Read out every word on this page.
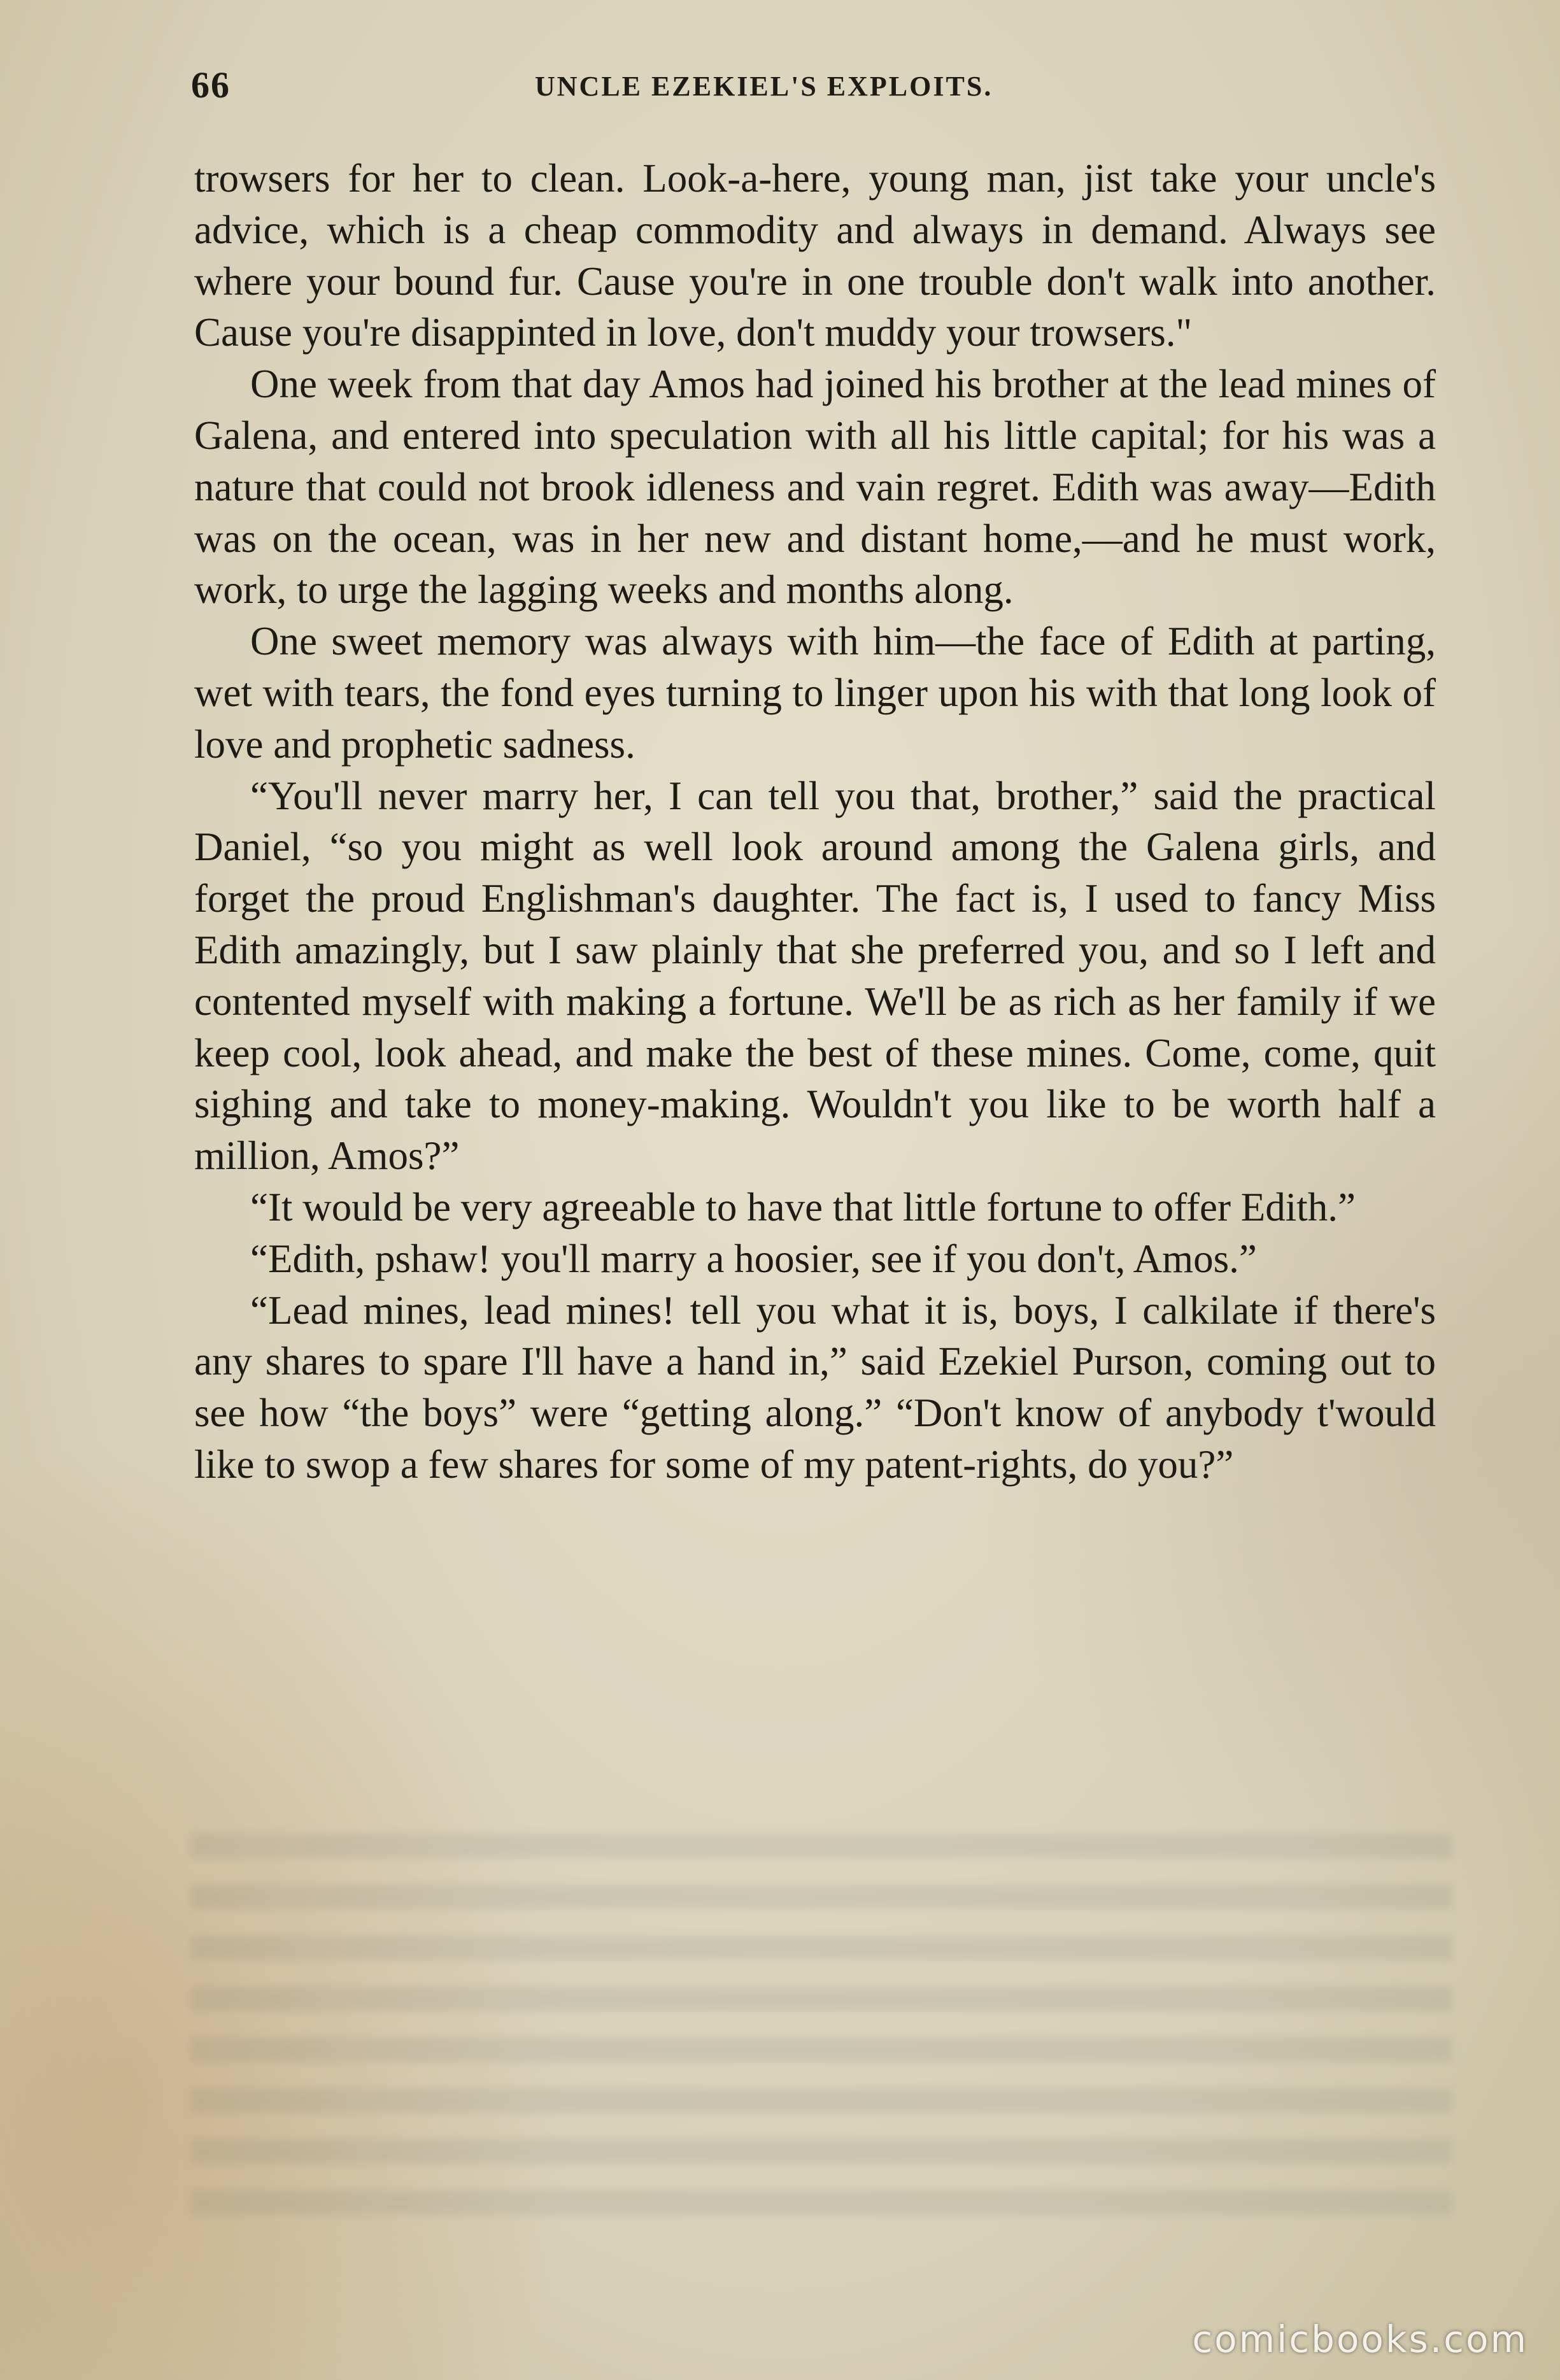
66	UNCLE EZEKIEL'S EXPLOITS.

trowsers for her to clean. Look-a-here, young man, jist take your uncle's advice, which is a cheap commodity and always in demand. Always see where your bound fur. Cause you're in one trouble don't walk into another. Cause you're disappinted in love, don't muddy your trowsers."

One week from that day Amos had joined his brother at the lead mines of Galena, and entered into speculation with all his little capital; for his was a nature that could not brook idleness and vain regret. Edith was away—Edith was on the ocean, was in her new and distant home,—and he must work, work, to urge the lagging weeks and months along.

One sweet memory was always with him—the face of Edith at parting, wet with tears, the fond eyes turning to linger upon his with that long look of love and prophetic sadness.

“You'll never marry her, I can tell you that, brother,” said the practical Daniel, “so you might as well look around among the Galena girls, and forget the proud Englishman's daughter. The fact is, I used to fancy Miss Edith amazingly, but I saw plainly that she preferred you, and so I left and contented myself with making a fortune. We'll be as rich as her family if we keep cool, look ahead, and make the best of these mines. Come, come, quit sighing and take to money-making. Wouldn't you like to be worth half a million, Amos?”

“It would be very agreeable to have that little fortune to offer Edith.”

“Edith, pshaw! you'll marry a hoosier, see if you don't, Amos.”

“Lead mines, lead mines! tell you what it is, boys, I calkilate if there's any shares to spare I'll have a hand in,” said Ezekiel Purson, coming out to see how “the boys” were “getting along.” “Don't know of anybody t'would like to swop a few shares for some of my patent-rights, do you?”

comicbooks.com
